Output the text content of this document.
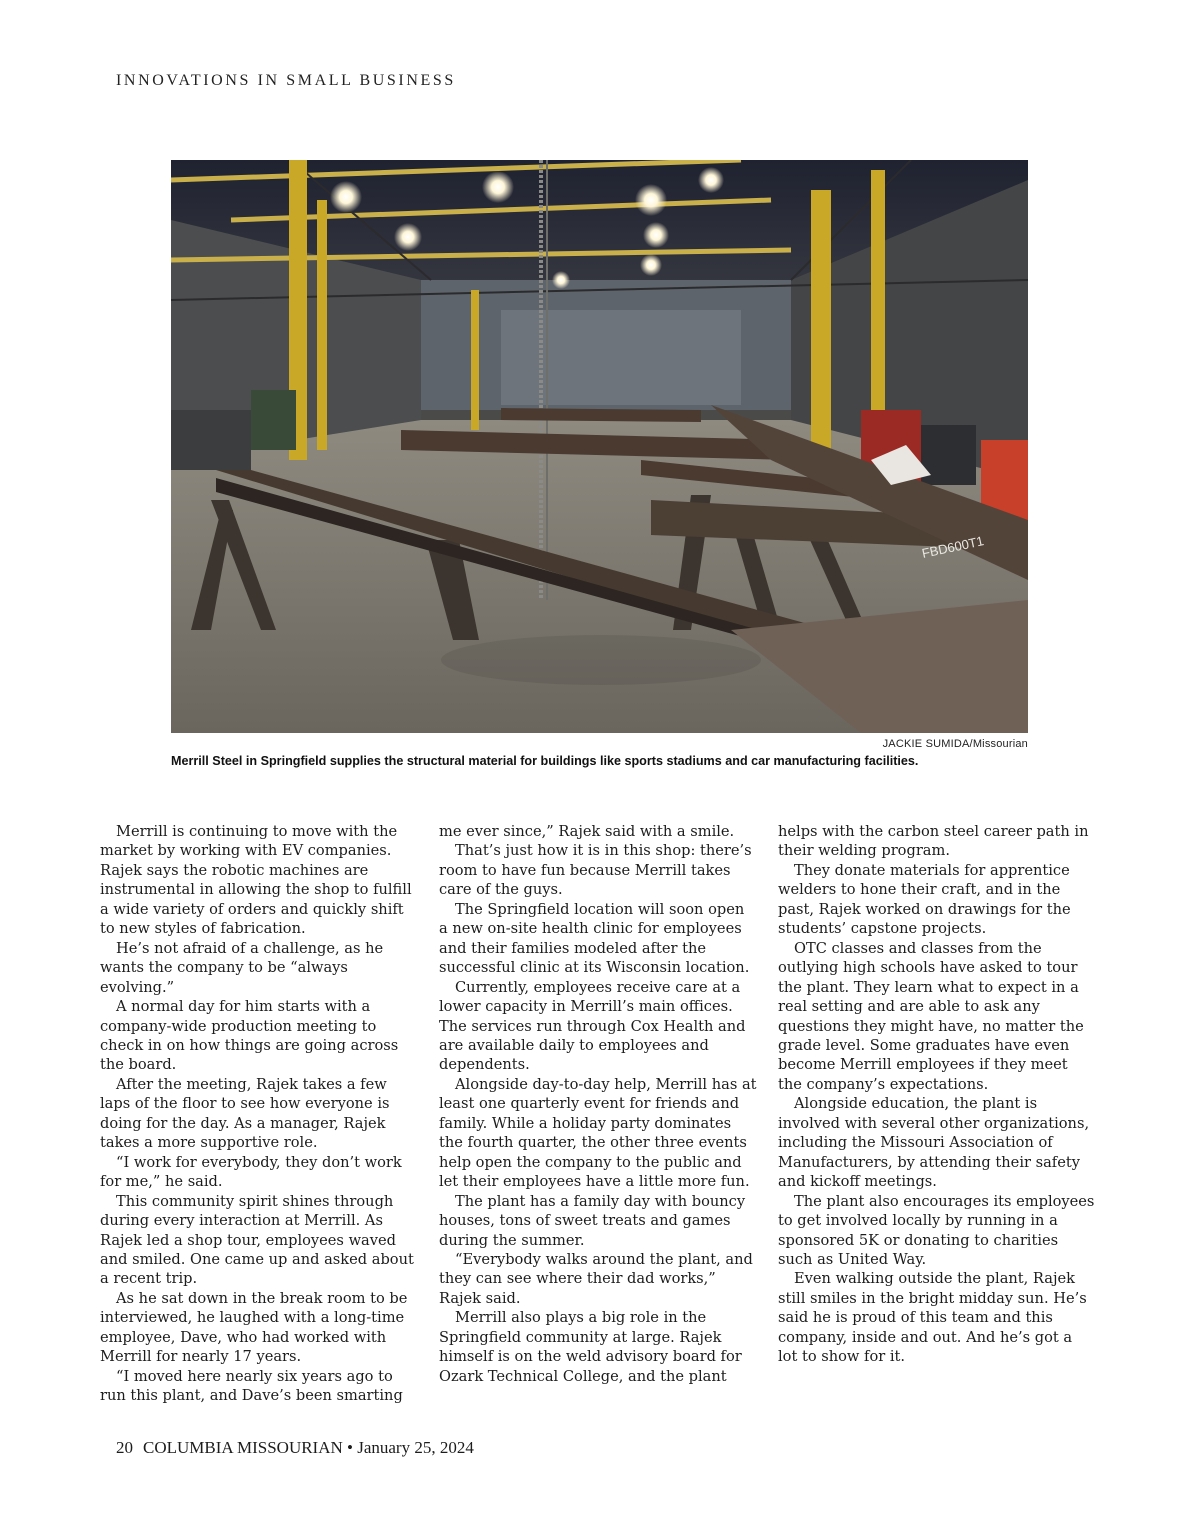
INNOVATIONS IN SMALL BUSINESS
FBD600T1
JACKIE SUMIDA/Missourian
Merrill Steel in Springfield supplies the structural material for buildings like sports stadiums and car manufacturing facilities.

Merrill is continuing to move with the market by working with EV companies. Rajek says the robotic machines are instrumental in allowing the shop to fulfill a wide variety of orders and quickly shift to new styles of fabrication.

He’s not afraid of a challenge, as he wants the company to be “always evolving.”

A normal day for him starts with a company-wide production meeting to check in on how things are going across the board.

After the meeting, Rajek takes a few laps of the floor to see how everyone is doing for the day. As a manager, Rajek takes a more supportive role.

“I work for everybody, they don’t work for me,” he said.

This community spirit shines through during every interaction at Merrill. As Rajek led a shop tour, employees waved and smiled. One came up and asked about a recent trip.

As he sat down in the break room to be interviewed, he laughed with a long-time employee, Dave, who had worked with Merrill for nearly 17 years.

“I moved here nearly six years ago to run this plant, and Dave’s been smarting

me ever since,” Rajek said with a smile.

That’s just how it is in this shop: there’s room to have fun because Merrill takes care of the guys.

The Springfield location will soon open a new on-site health clinic for employees and their families modeled after the successful clinic at its Wisconsin location.

Currently, employees receive care at a lower capacity in Merrill’s main offices. The services run through Cox Health and are available daily to employees and dependents.

Alongside day-to-day help, Merrill has at least one quarterly event for friends and family. While a holiday party dominates the fourth quarter, the other three events help open the company to the public and let their employees have a little more fun.

The plant has a family day with bouncy houses, tons of sweet treats and games during the summer.

“Everybody walks around the plant, and they can see where their dad works,” Rajek said.

Merrill also plays a big role in the Springfield community at large. Rajek himself is on the weld advisory board for Ozark Technical College, and the plant

helps with the carbon steel career path in their welding program.

They donate materials for apprentice welders to hone their craft, and in the past, Rajek worked on drawings for the students’ capstone projects.

OTC classes and classes from the outlying high schools have asked to tour the plant. They learn what to expect in a real setting and are able to ask any questions they might have, no matter the grade level. Some graduates have even become Merrill employees if they meet the company’s expectations.

Alongside education, the plant is involved with several other organizations, including the Missouri Association of Manufacturers, by attending their safety and kickoff meetings.

The plant also encourages its employees to get involved locally by running in a sponsored 5K or donating to charities such as United Way.

Even walking outside the plant, Rajek still smiles in the bright midday sun. He’s said he is proud of this team and this company, inside and out. And he’s got a lot to show for it.

20 COLUMBIA MISSOURIAN • January 25, 2024
